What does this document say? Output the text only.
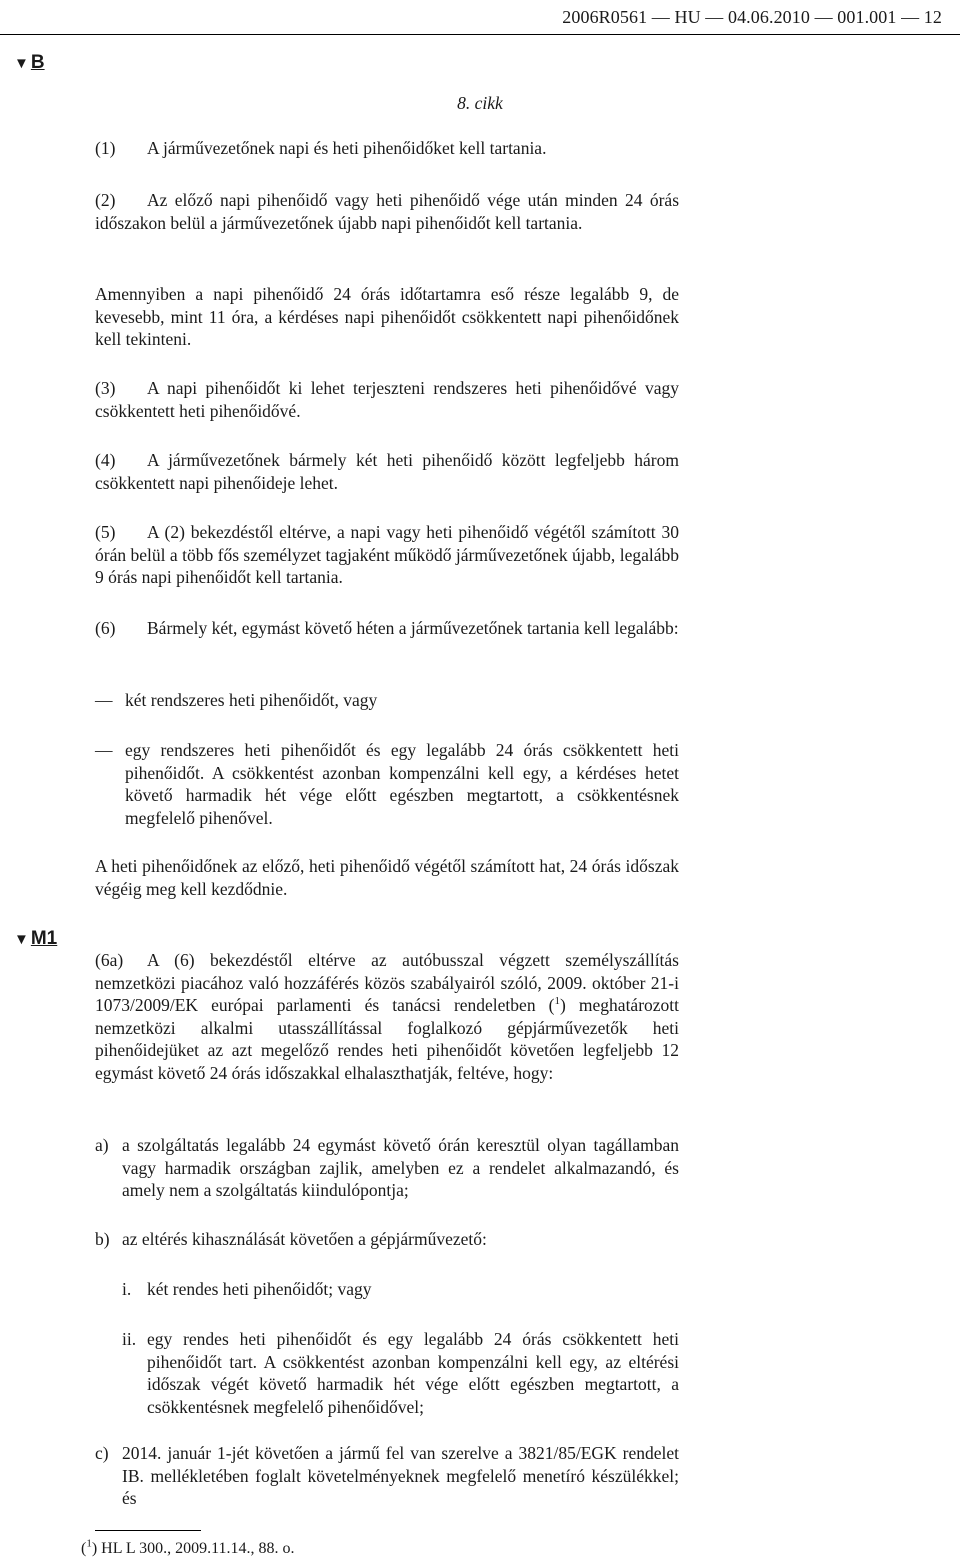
2006R0561 — HU — 04.06.2010 — 001.001 — 12
▼ B
8. cikk
(1) A járművezetőnek napi és heti pihenőidőket kell tartania.
(2) Az előző napi pihenőidő vagy heti pihenőidő vége után minden 24 órás időszakon belül a járművezetőnek újabb napi pihenőidőt kell tartania.
Amennyiben a napi pihenőidő 24 órás időtartamra eső része legalább 9, de kevesebb, mint 11 óra, a kérdéses napi pihenőidőt csökkentett napi pihenőidőnek kell tekinteni.
(3) A napi pihenőidőt ki lehet terjeszteni rendszeres heti pihenőidővé vagy csökkentett heti pihenőidővé.
(4) A járművezetőnek bármely két heti pihenőidő között legfeljebb három csökkentett napi pihenőideje lehet.
(5) A (2) bekezdéstől eltérve, a napi vagy heti pihenőidő végétől számított 30 órán belül a több fős személyzet tagjaként működő járművezetőnek újabb, legalább 9 órás napi pihenőidőt kell tartania.
(6) Bármely két, egymást követő héten a járművezetőnek tartania kell legalább:
— két rendszeres heti pihenőidőt, vagy
— egy rendszeres heti pihenőidőt és egy legalább 24 órás csökkentett heti pihenőidőt. A csökkentést azonban kompenzálni kell egy, a kérdéses hetet követő harmadik hét vége előtt egészben megtartott, a csökkentésnek megfelelő pihenővel.
A heti pihenőidőnek az előző, heti pihenőidő végétől számított hat, 24 órás időszak végéig meg kell kezdődnie.
▼ M1
(6a) A (6) bekezdéstől eltérve az autóbusszal végzett személyszállítás nemzetközi piacához való hozzáférés közös szabályairól szóló, 2009. október 21-i 1073/2009/EK európai parlamenti és tanácsi rendeletben ($^1$) meghatározott nemzetközi alkalmi utasszállítással foglalkozó gépjárművezetők heti pihenőidejüket az azt megelőző rendes heti pihenőidőt követően legfeljebb 12 egymást követő 24 órás időszakkal elhalaszthatják, feltéve, hogy:
a) a szolgáltatás legalább 24 egymást követő órán keresztül olyan tagállamban vagy harmadik országban zajlik, amelyben ez a rendelet alkalmazandó, és amely nem a szolgáltatás kiindulópontja;
b) az eltérés kihasználását követően a gépjárművezető:
i. két rendes heti pihenőidőt; vagy
ii. egy rendes heti pihenőidőt és egy legalább 24 órás csökkentett heti pihenőidőt tart. A csökkentést azonban kompenzálni kell egy, az eltérési időszak végét követő harmadik hét vége előtt egészben megtartott, a csökkentésnek megfelelő pihenőidővel;
c) 2014. január 1-jét követően a jármű fel van szerelve a 3821/85/EGK rendelet IB. mellékletében foglalt követelményeknek megfelelő menetíró készülékkel; és
($^1$) HL L 300., 2009.11.14., 88. o.
